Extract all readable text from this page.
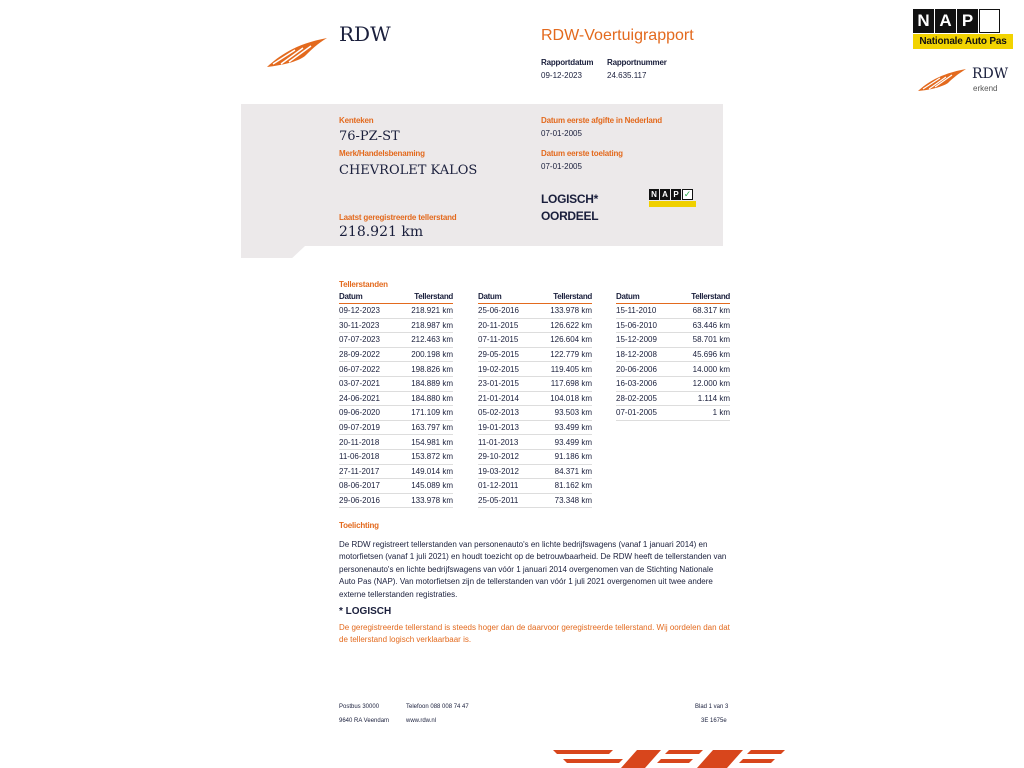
RDW	RDW-Voertuigrapport
Rapportdatum
09-12-2023
Rapportnummer
24.635.117
Kenteken
76-PZ-ST
Merk/Handelsbenaming
CHEVROLET KALOS
Laatst geregistreerde tellerstand
218.921 km
Datum eerste afgifte in Nederland
07-01-2005
Datum eerste toelating
07-01-2005
LOGISCH*
OORDEEL
N A P ✓
Tellerstanden
Datum	Tellerstand
09-12-2023	218.921 km
30-11-2023	218.987 km
07-07-2023	212.463 km
28-09-2022	200.198 km
06-07-2022	198.826 km
03-07-2021	184.889 km
24-06-2021	184.880 km
09-06-2020	171.109 km
09-07-2019	163.797 km
20-11-2018	154.981 km
11-06-2018	153.872 km
27-11-2017	149.014 km
08-06-2017	145.089 km
29-06-2016	133.978 km
Datum	Tellerstand
25-06-2016	133.978 km
20-11-2015	126.622 km
07-11-2015	126.604 km
29-05-2015	122.779 km
19-02-2015	119.405 km
23-01-2015	117.698 km
21-01-2014	104.018 km
05-02-2013	93.503 km
19-01-2013	93.499 km
11-01-2013	93.499 km
29-10-2012	91.186 km
19-03-2012	84.371 km
01-12-2011	81.162 km
25-05-2011	73.348 km
Datum	Tellerstand
15-11-2010	68.317 km
15-06-2010	63.446 km
15-12-2009	58.701 km
18-12-2008	45.696 km
20-06-2006	14.000 km
16-03-2006	12.000 km
28-02-2005	1.114 km
07-01-2005	1 km
Toelichting
De RDW registreert tellerstanden van personenauto's en lichte bedrijfswagens (vanaf 1 januari 2014) en motorfietsen (vanaf 1 juli 2021) en houdt toezicht op de betrouwbaarheid. De RDW heeft de tellerstanden van personenauto's en lichte bedrijfswagens van vóór 1 januari 2014 overgenomen van de Stichting Nationale Auto Pas (NAP). Van motorfietsen zijn de tellerstanden van vóór 1 juli 2021 overgenomen uit twee andere externe tellerstanden registraties.
* LOGISCH
De geregistreerde tellerstand is steeds hoger dan de daarvoor geregistreerde tellerstand. Wij oordelen dan dat de tellerstand logisch verklaarbaar is.
Postbus 30000
9640 RA Veendam
Telefoon 088 008 74 47
www.rdw.nl
Blad 1 van 3
3E 1675e
N A P
Nationale Auto Pas
RDW
erkend
